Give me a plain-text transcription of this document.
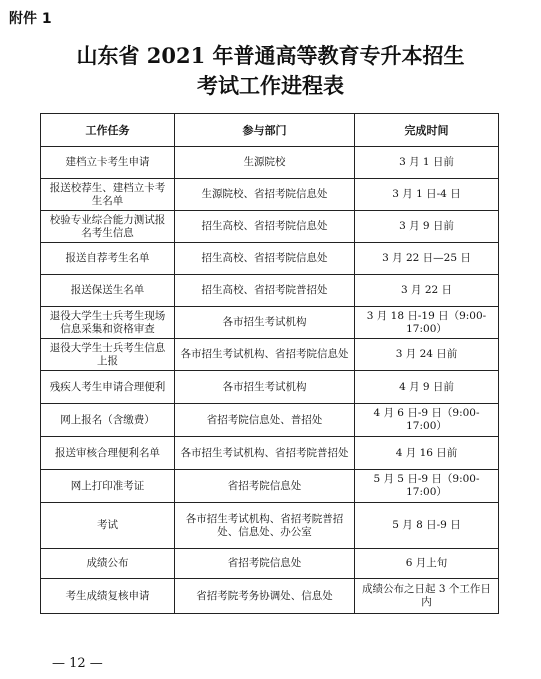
附件 1
山东省 2021 年普通高等教育专升本招生
考试工作进程表
工作任务	参与部门	完成时间
建档立卡考生申请	生源院校	3 月 1 日前
报送校荐生、建档立卡考生名单	生源院校、省招考院信息处	3 月 1 日-4 日
校验专业综合能力测试报名考生信息	招生高校、省招考院信息处	3 月 9 日前
报送自荐考生名单	招生高校、省招考院信息处	3 月 22 日—25 日
报送保送生名单	招生高校、省招考院普招处	3 月 22 日
退役大学生士兵考生现场信息采集和资格审查	各市招生考试机构	3 月 18 日-19 日（9:00-17:00）
退役大学生士兵考生信息上报	各市招生考试机构、省招考院信息处	3 月 24 日前
残疾人考生申请合理便利	各市招生考试机构	4 月 9 日前
网上报名（含缴费）	省招考院信息处、普招处	4 月 6 日-9 日（9:00-17:00）
报送审核合理便利名单	各市招生考试机构、省招考院普招处	4 月 16 日前
网上打印准考证	省招考院信息处	5 月 5 日-9 日（9:00-17:00）
考试	各市招生考试机构、省招考院普招处、信息处、办公室	5 月 8 日-9 日
成绩公布	省招考院信息处	6 月上旬
考生成绩复核申请	省招考院考务协调处、信息处	成绩公布之日起 3 个工作日内
— 12 —
